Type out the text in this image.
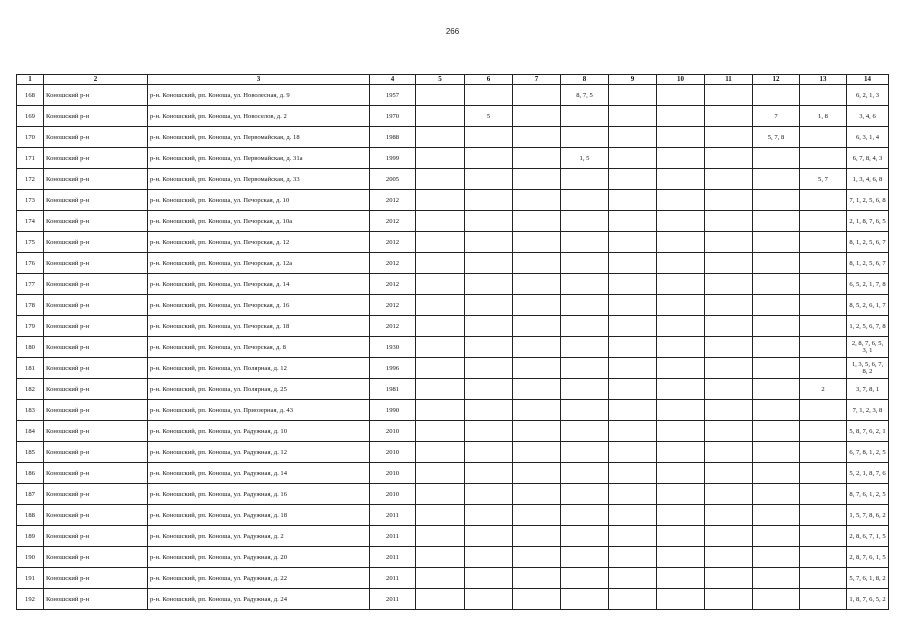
266
1	2	3	4	5	6	7	8	9	10	11	12	13	14
168	Коношский р-н	р-н. Коношский, рп. Коноша, ул. Новолесная, д. 9	1957				8, 7, 5						6, 2, 1, 3
169	Коношский р-н	р-н. Коношский, рп. Коноша, ул. Новоселов, д. 2	1970		5						7	1, 8	3, 4, 6
170	Коношский р-н	р-н. Коношский, рп. Коноша, ул. Первомайская, д. 18	1988								5, 7, 8		6, 3, 1, 4
171	Коношский р-н	р-н. Коношский, рп. Коноша, ул. Первомайская, д. 31а	1999				1, 5						6, 7, 8, 4, 3
172	Коношский р-н	р-н. Коношский, рп. Коноша, ул. Первомайская, д. 33	2005									5, 7	1, 3, 4, 6, 8
173	Коношский р-н	р-н. Коношский, рп. Коноша, ул. Печорская, д. 10	2012										7, 1, 2, 5, 6, 8
174	Коношский р-н	р-н. Коношский, рп. Коноша, ул. Печорская, д. 10а	2012										2, 1, 8, 7, 6, 5
175	Коношский р-н	р-н. Коношский, рп. Коноша, ул. Печорская, д. 12	2012										8, 1, 2, 5, 6, 7
176	Коношский р-н	р-н. Коношский, рп. Коноша, ул. Печорская, д. 12а	2012										8, 1, 2, 5, 6, 7
177	Коношский р-н	р-н. Коношский, рп. Коноша, ул. Печорская, д. 14	2012										6, 5, 2, 1, 7, 8
178	Коношский р-н	р-н. Коношский, рп. Коноша, ул. Печорская, д. 16	2012										8, 5, 2, 6, 1, 7
179	Коношский р-н	р-н. Коношский, рп. Коноша, ул. Печорская, д. 18	2012										1, 2, 5, 6, 7, 8
180	Коношский р-н	р-н. Коношский, рп. Коноша, ул. Печорская, д. 8	1930										2, 8, 7, 6, 5, 3, 1
181	Коношский р-н	р-н. Коношский, рп. Коноша, ул. Полярная, д. 12	1996										1, 3, 5, 6, 7, 8, 2
182	Коношский р-н	р-н. Коношский, рп. Коноша, ул. Полярная, д. 25	1981									2	3, 7, 8, 1
183	Коношский р-н	р-н. Коношский, рп. Коноша, ул. Приозерная, д. 43	1990										7, 1, 2, 3, 8
184	Коношский р-н	р-н. Коношский, рп. Коноша, ул. Радужная, д. 10	2010										5, 8, 7, 6, 2, 1
185	Коношский р-н	р-н. Коношский, рп. Коноша, ул. Радужная, д. 12	2010										6, 7, 8, 1, 2, 5
186	Коношский р-н	р-н. Коношский, рп. Коноша, ул. Радужная, д. 14	2010										5, 2, 1, 8, 7, 6
187	Коношский р-н	р-н. Коношский, рп. Коноша, ул. Радужная, д. 16	2010										8, 7, 6, 1, 2, 5
188	Коношский р-н	р-н. Коношский, рп. Коноша, ул. Радужная, д. 18	2011										1, 5, 7, 8, 6, 2
189	Коношский р-н	р-н. Коношский, рп. Коноша, ул. Радужная, д. 2	2011										2, 8, 6, 7, 1, 5
190	Коношский р-н	р-н. Коношский, рп. Коноша, ул. Радужная, д. 20	2011										2, 8, 7, 6, 1, 5
191	Коношский р-н	р-н. Коношский, рп. Коноша, ул. Радужная, д. 22	2011										5, 7, 6, 1, 8, 2
192	Коношский р-н	р-н. Коношский, рп. Коноша, ул. Радужная, д. 24	2011										1, 8, 7, 6, 5, 2
